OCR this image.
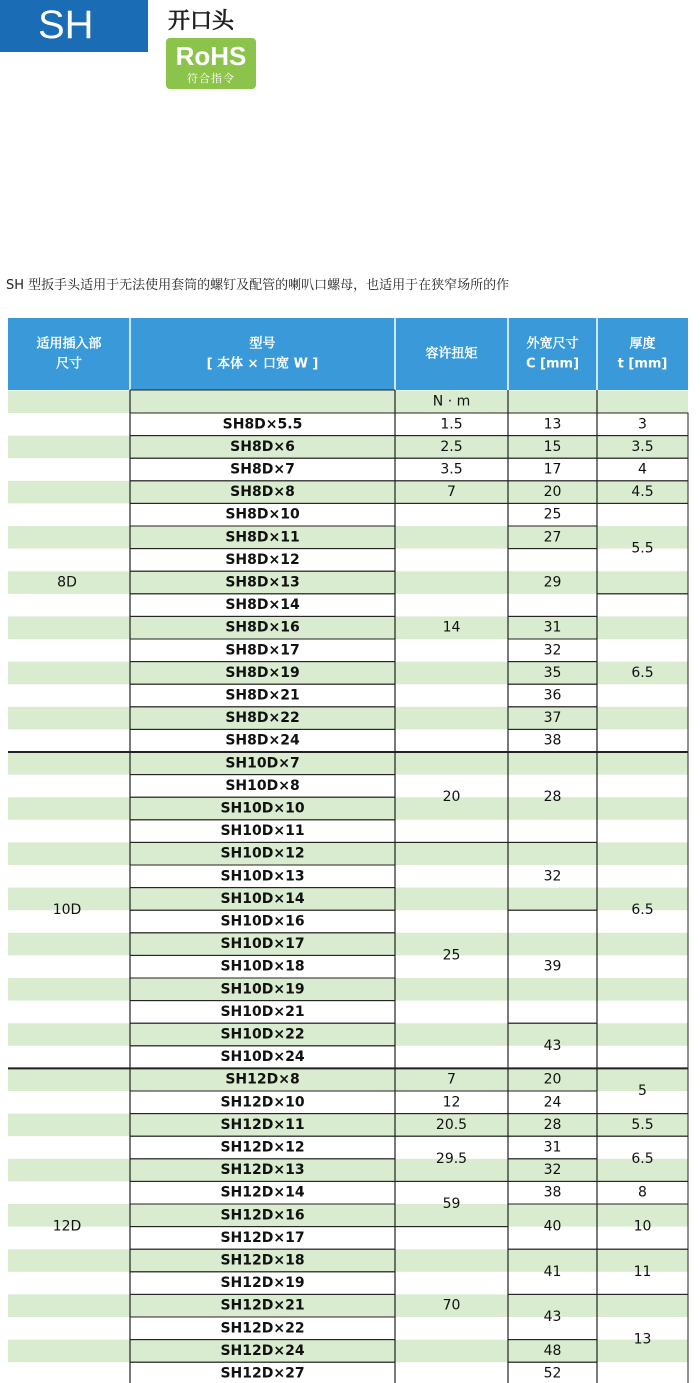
SH	开口头
RoHS
符合指令
SH 型扳手头适用于无法使用套筒的螺钉及配管的喇叭口螺母，也适用于在狭窄场所的作
适用插入部
尺寸
型号
[ 本体 × 口宽 W ]
容许扭矩
外宽尺寸
C [mm]
厚度
t [mm]
N · m
8D
SH8D×5.5
SH8D×6
SH8D×7
SH8D×8
SH8D×10
SH8D×11
SH8D×12
SH8D×13
SH8D×14
SH8D×16
SH8D×17
SH8D×19
SH8D×21
SH8D×22
SH8D×24
1.5
2.5
3.5
7
14
13
15
17
20
25
27
29
31
32
35
36
37
38
3
3.5
4
4.5
5.5
6.5
10D
SH10D×7
SH10D×8
SH10D×10
SH10D×11
SH10D×12
SH10D×13
SH10D×14
SH10D×16
SH10D×17
SH10D×18
SH10D×19
SH10D×21
SH10D×22
SH10D×24
20
25
28
32
39
43
6.5
12D
SH12D×8
SH12D×10
SH12D×11
SH12D×12
SH12D×13
SH12D×14
SH12D×16
SH12D×17
SH12D×18
SH12D×19
SH12D×21
SH12D×22
SH12D×24
SH12D×27
7
12
20.5
29.5
59
70
20
24
28
31
32
38
40
41
43
48
52
5
5.5
6.5
8
10
11
13
